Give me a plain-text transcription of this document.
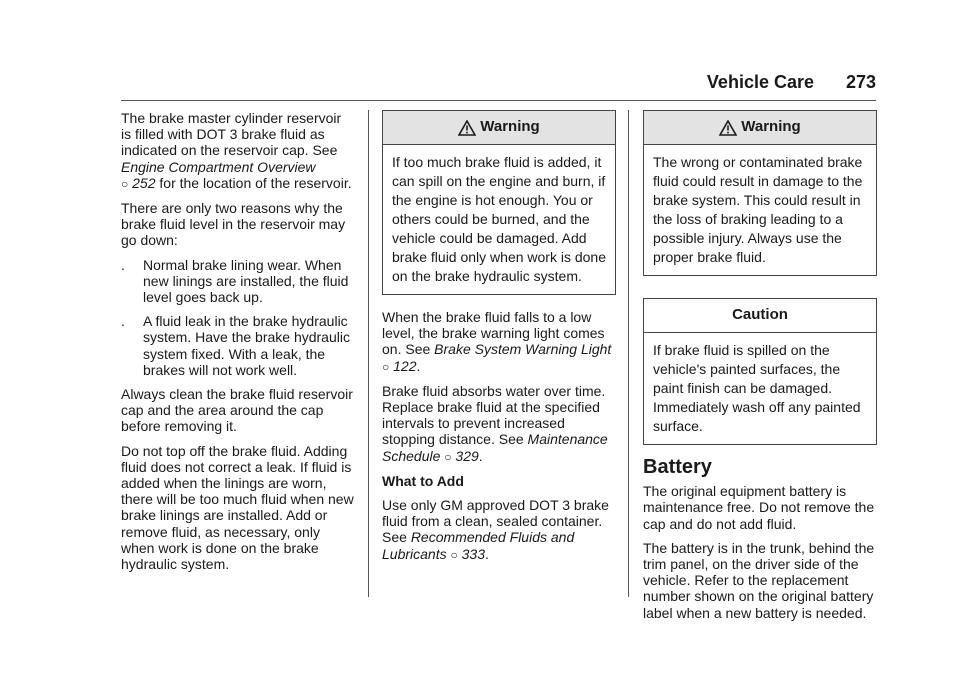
Vehicle Care 273

The brake master cylinder reservoir is filled with DOT 3 brake fluid as indicated on the reservoir cap. See Engine Compartment Overview
○ 252 for the location of the reservoir.

There are only two reasons why the brake fluid level in the reservoir may go down:

. Normal brake lining wear. When new linings are installed, the fluid level goes back up.
. A fluid leak in the brake hydraulic system. Have the brake hydraulic system fixed. With a leak, the brakes will not work well.

Always clean the brake fluid reservoir cap and the area around the cap before removing it.

Do not top off the brake fluid. Adding fluid does not correct a leak. If fluid is added when the linings are worn, there will be too much fluid when new brake linings are installed. Add or remove fluid, as necessary, only when work is done on the brake hydraulic system.

Warning
If too much brake fluid is added, it can spill on the engine and burn, if the engine is hot enough. You or others could be burned, and the vehicle could be damaged. Add brake fluid only when work is done on the brake hydraulic system.

When the brake fluid falls to a low level, the brake warning light comes on. See Brake System Warning Light ○ 122.

Brake fluid absorbs water over time. Replace brake fluid at the specified intervals to prevent increased stopping distance. See Maintenance Schedule ○ 329.

What to Add

Use only GM approved DOT 3 brake fluid from a clean, sealed container. See Recommended Fluids and Lubricants ○ 333.

Warning
The wrong or contaminated brake fluid could result in damage to the brake system. This could result in the loss of braking leading to a possible injury. Always use the proper brake fluid.
Caution
If brake fluid is spilled on the vehicle's painted surfaces, the paint finish can be damaged. Immediately wash off any painted surface.
Battery

The original equipment battery is maintenance free. Do not remove the cap and do not add fluid.

The battery is in the trunk, behind the trim panel, on the driver side of the vehicle. Refer to the replacement number shown on the original battery label when a new battery is needed.
